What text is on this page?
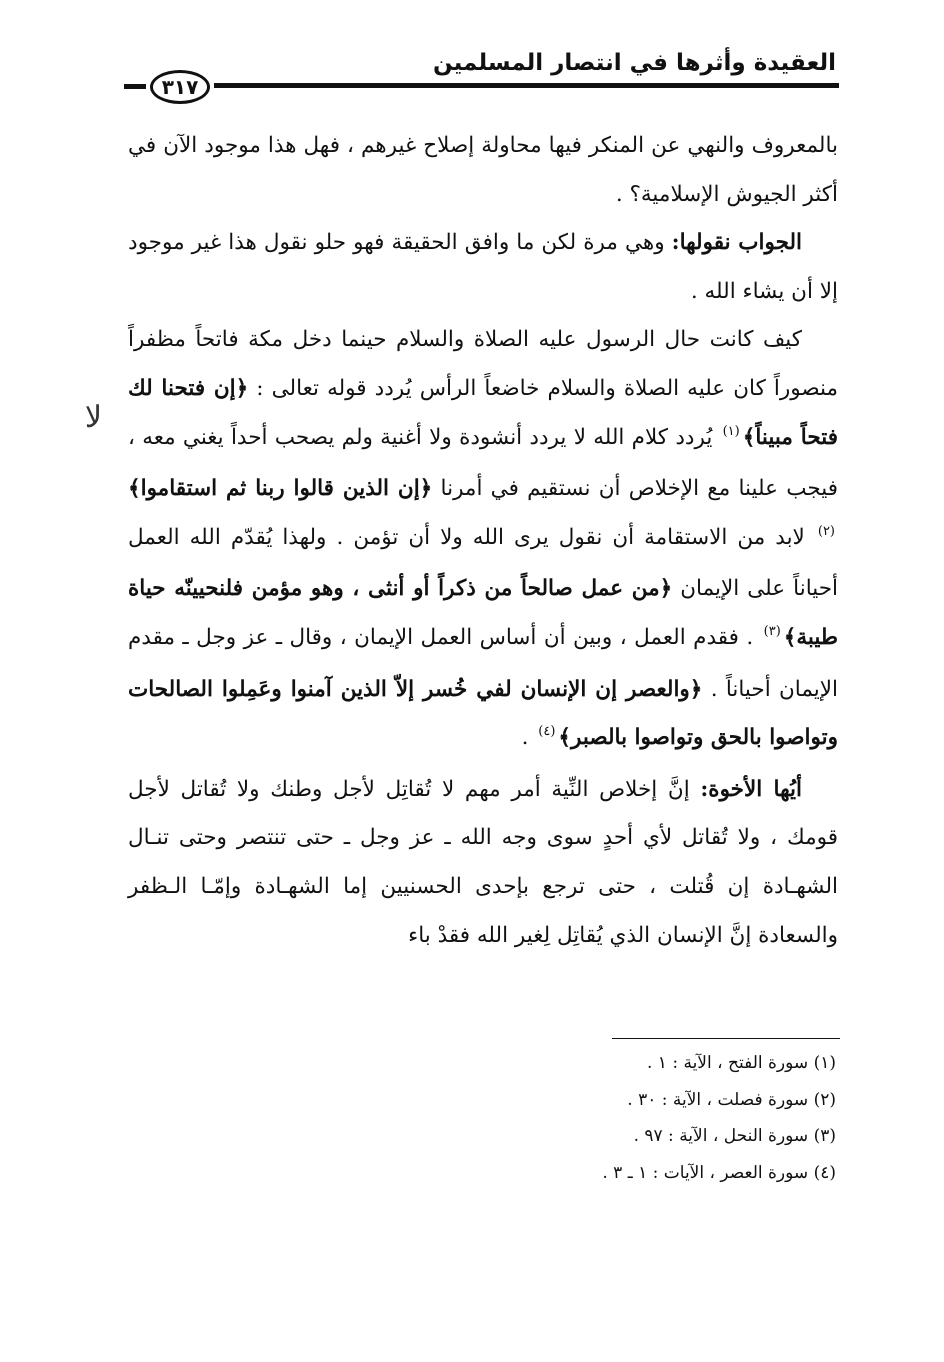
العقيدة وأثرها في انتصار المسلمين
٣١٧
لا

بالمعروف والنهي عن المنكر فيها محاولة إصلاح غيرهم ، فهل هذا موجود الآن في أكثر الجيوش الإسلامية؟ .

الجواب نقولها: وهي مرة لكن ما وافق الحقيقة فهو حلو نقول هذا غير موجود إلا أن يشاء الله .

كيف كانت حال الرسول عليه الصلاة والسلام حينما دخل مكة فاتحاً مظفراً منصوراً كان عليه الصلاة والسلام خاضعاً الرأس يُردد قوله تعالى : ﴿إن فتحنا لك فتحاً مبيناً﴾$^{(١)}$ يُردد كلام الله لا يردد أنشودة ولا أغنية ولم يصحب أحداً يغني معه ، فيجب علينا مع الإخلاص أن نستقيم في أمرنا ﴿إن الذين قالوا ربنا ثم استقاموا﴾$^{(٢)}$ لابد من الاستقامة أن نقول يرى الله ولا أن تؤمن . ولهذا يُقدّم الله العمل أحياناً على الإيمان ﴿من عمل صالحاً من ذكراً أو أنثى ، وهو مؤمن فلنحيينّه حياة طيبة﴾$^{(٣)}$ . فقدم العمل ، وبين أن أساس العمل الإيمان ، وقال ـ عز وجل ـ مقدم الإيمان أحياناً . ﴿والعصر إن الإنسان لفي خُسر إلاّ الذين آمنوا وعَمِلوا الصالحات وتواصوا بالحق وتواصوا بالصبر﴾$^{(٤)}$ .

أيُها الأخوة: إنَّ إخلاص النِّية أمر مهم لا تُقاتِل لأجل وطنك ولا تُقاتل لأجل قومك ، ولا تُقاتل لأي أحدٍ سوى وجه الله ـ عز وجل ـ حتى تنتصر وحتى تنـال الشهـادة إن قُتلت ، حتى ترجع بإحدى الحسنيين إما الشهـادة وإمّـا الـظفر والسعادة إنَّ الإنسان الذي يُقاتِل لِغير الله فقدْ باء

(١) سورة الفتح ، الآية : ١ .
(٢) سورة فصلت ، الآية : ٣٠ .
(٣) سورة النحل ، الآية : ٩٧ .
(٤) سورة العصر ، الآيات : ١ ـ ٣ .
